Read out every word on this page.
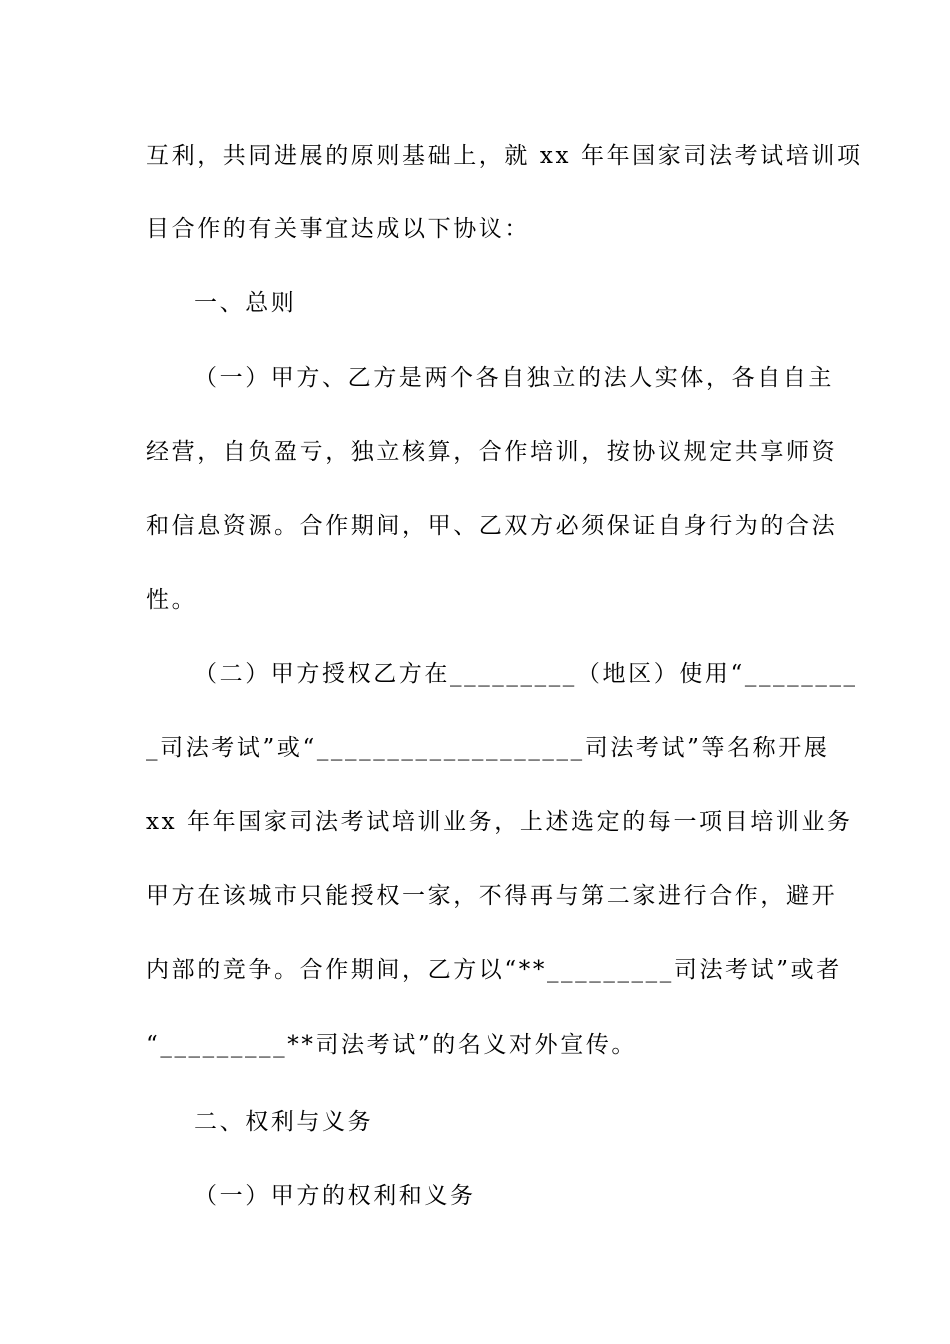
互利，共同进展的原则基础上，就 xx 年年国家司法考试培训项
目合作的有关事宜达成以下协议：
一、总则
（一）甲方、乙方是两个各自独立的法人实体，各自自主
经营，自负盈亏，独立核算，合作培训，按协议规定共享师资
和信息资源。合作期间，甲、乙双方必须保证自身行为的合法
性。
（二）甲方授权乙方在_________（地区）使用“________
_司法考试”或“___________________司法考试”等名称开展
xx 年年国家司法考试培训业务，上述选定的每一项目培训业务
甲方在该城市只能授权一家，不得再与第二家进行合作，避开
内部的竞争。合作期间，乙方以“**_________司法考试”或者
“_________**司法考试”的名义对外宣传。
二、权利与义务
（一）甲方的权利和义务
